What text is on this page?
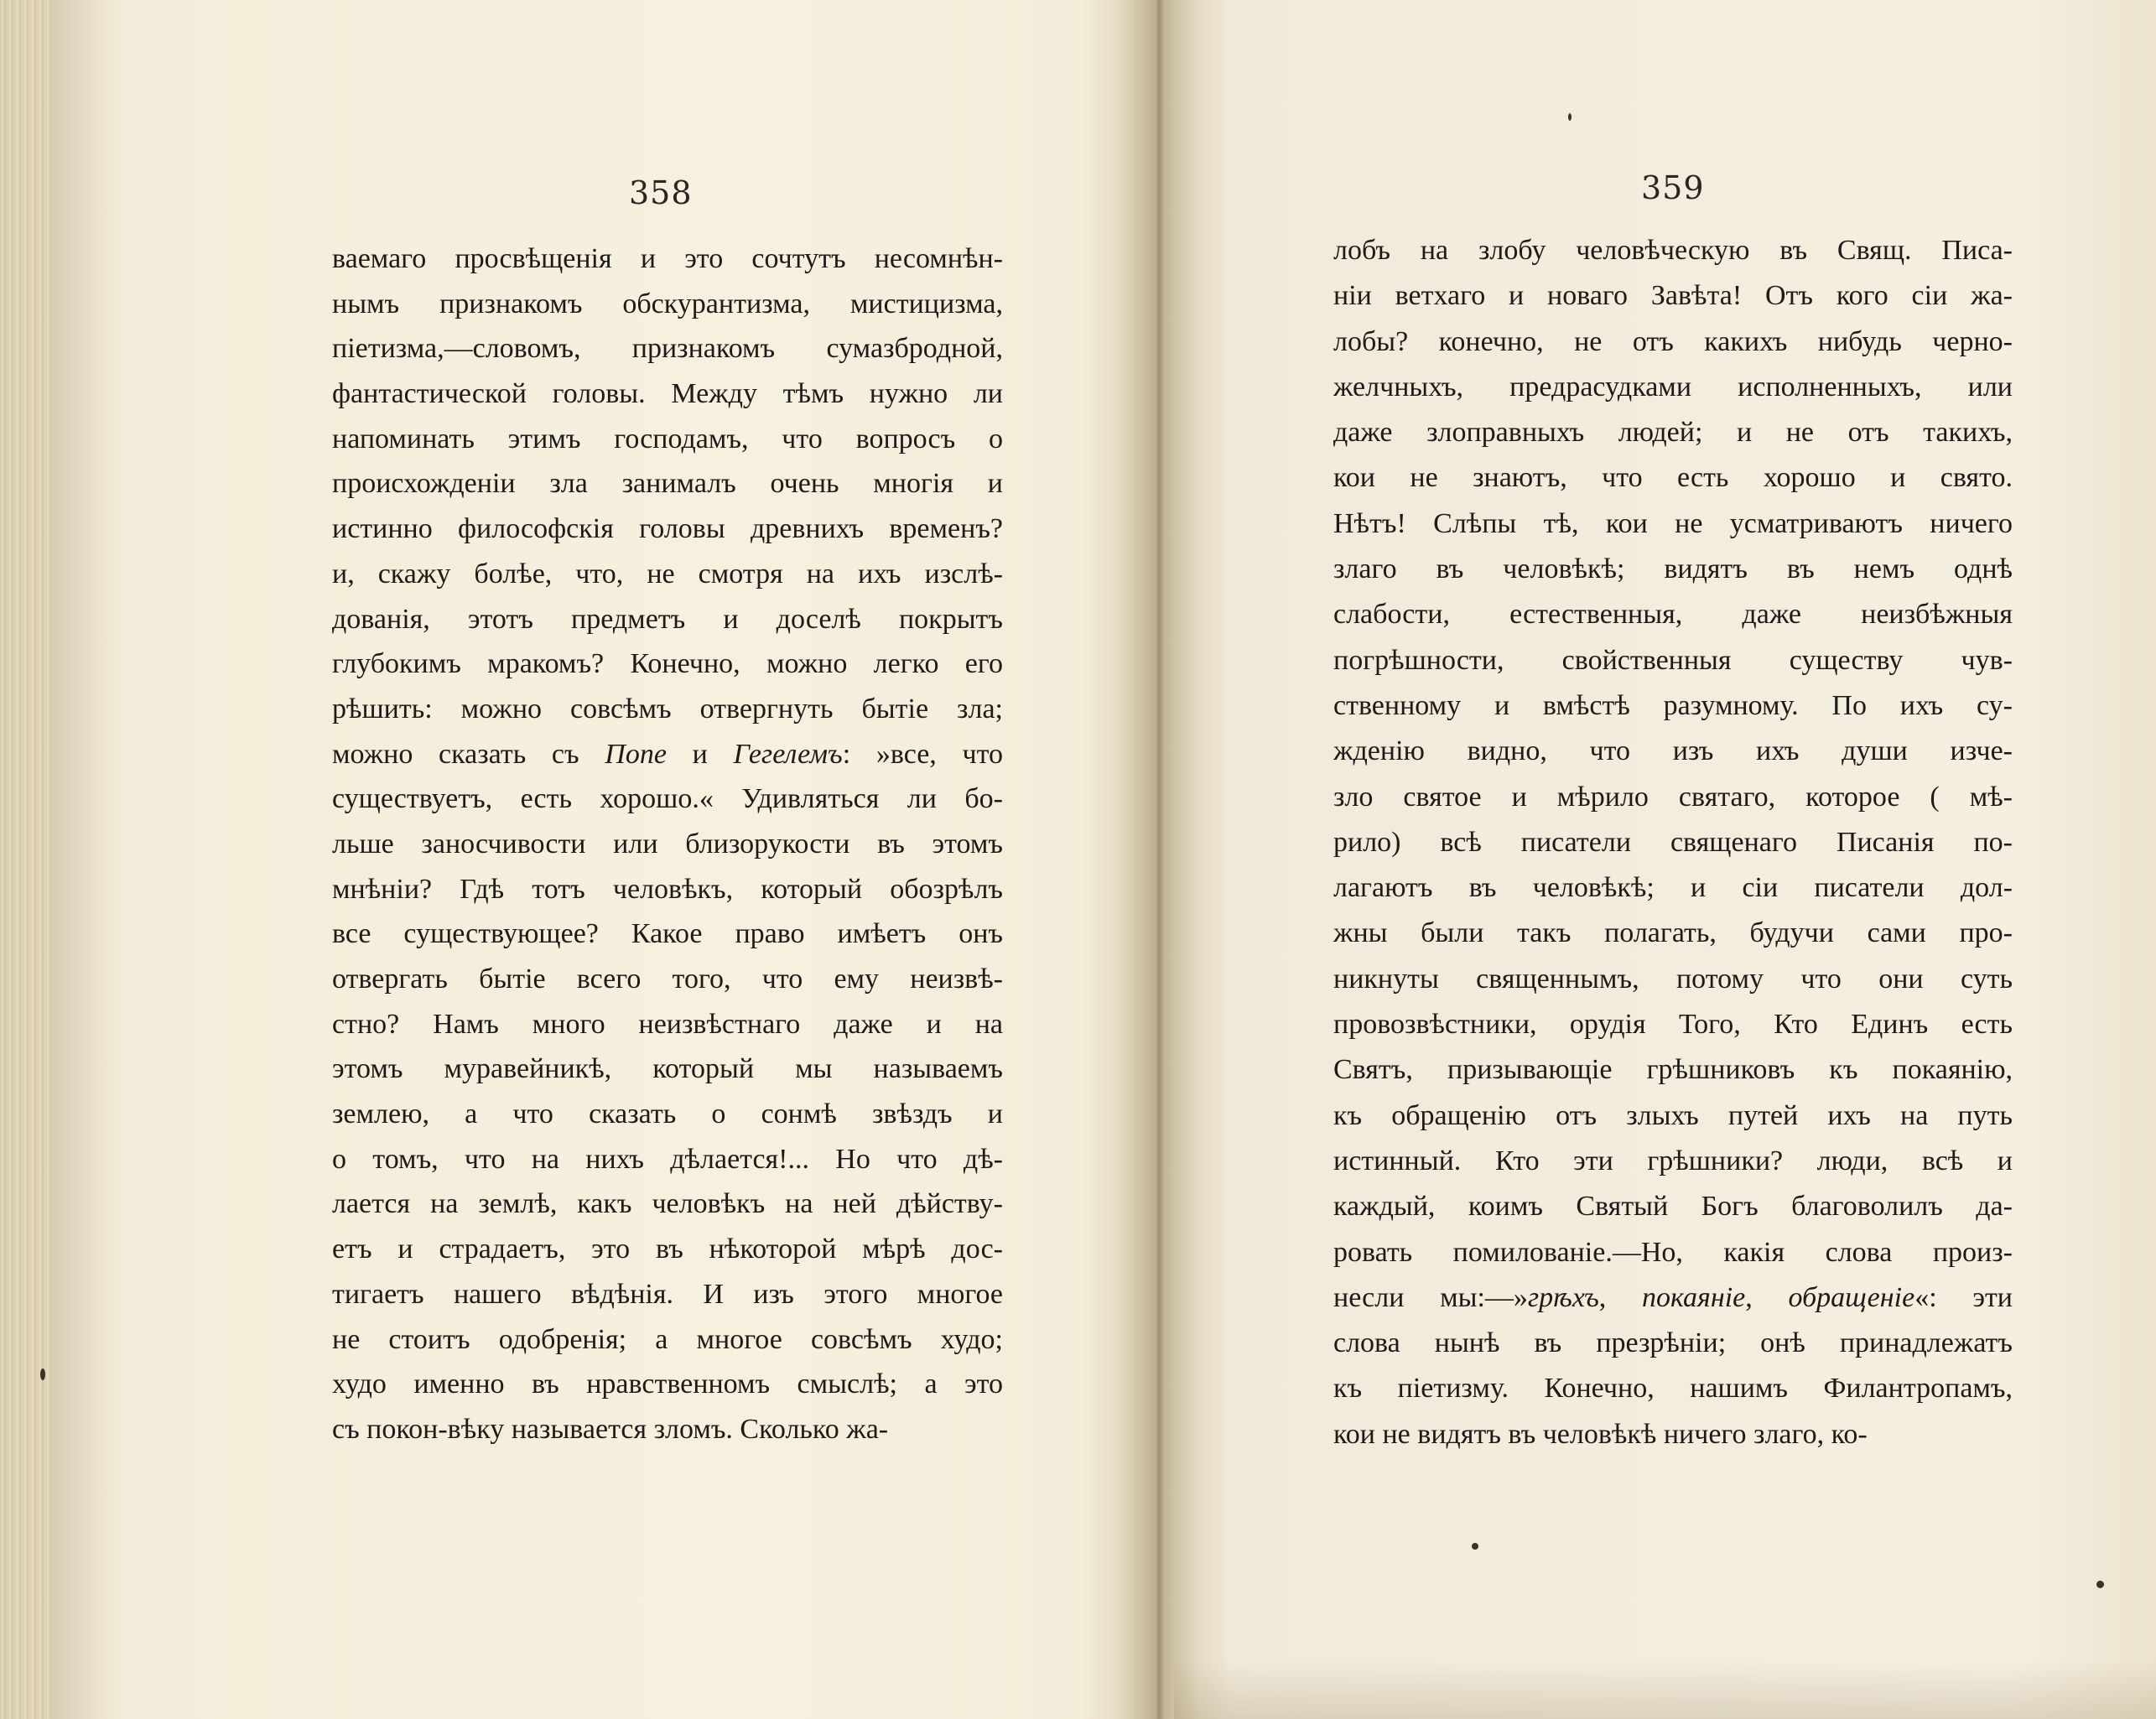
358
ваемаго просвѣщенія и это сочтутъ несомнѣн-
нымъ признакомъ обскурантизма, мистицизма,
піетизма,—словомъ, признакомъ сумазбродной,
фантастической головы. Между тѣмъ нужно ли
напоминать этимъ господамъ, что вопросъ о
происхожденіи зла занималъ очень многія и
истинно философскія головы древнихъ временъ?
и, скажу болѣе, что, не смотря на ихъ изслѣ-
дованія, этотъ предметъ и доселѣ покрытъ
глубокимъ мракомъ? Конечно, можно легко его
рѣшить: можно совсѣмъ отвергнуть бытіе зла;
можно сказать съ Попе и Гегелемъ: »все, что
существуетъ, есть хорошо.« Удивляться ли бо-
льше заносчивости или близорукости въ этомъ
мнѣніи? Гдѣ тотъ человѣкъ, который обозрѣлъ
все существующее? Какое право имѣетъ онъ
отвергать бытіе всего того, что ему неизвѣ-
стно? Намъ много неизвѣстнаго даже и на
этомъ муравейникѣ, который мы называемъ
землею, а что сказать о сонмѣ звѣздъ и
о томъ, что на нихъ дѣлается!... Но что дѣ-
лается на землѣ, какъ человѣкъ на ней дѣйству-
етъ и страдаетъ, это въ нѣкоторой мѣрѣ дос-
тигаетъ нашего вѣдѣнія. И изъ этого многое
не стоитъ одобренія; а многое совсѣмъ худо;
худо именно въ нравственномъ смыслѣ; а это
съ покон-вѣку называется зломъ. Сколько жа-
359
лобъ на злобу человѣческую въ Свящ. Писа-
ніи ветхаго и новаго Завѣта! Отъ кого сіи жа-
лобы? конечно, не отъ какихъ нибудь черно-
желчныхъ, предрасудками исполненныхъ, или
даже злоправныхъ людей; и не отъ такихъ,
кои не знаютъ, что есть хорошо и свято.
Нѣтъ! Слѣпы тѣ, кои не усматриваютъ ничего
злаго въ человѣкѣ; видятъ въ немъ однѣ
слабости, естественныя, даже неизбѣжныя
погрѣшности, свойственныя существу чув-
ственному и вмѣстѣ разумному. По ихъ су-
жденію видно, что изъ ихъ души изче-
зло святое и мѣрило святаго, которое ( мѣ-
рило) всѣ писатели священаго Писанія по-
лагаютъ въ человѣкѣ; и сіи писатели дол-
жны были такъ полагать, будучи сами про-
никнуты священнымъ, потому что они суть
провозвѣстники, орудія Того, Кто Единъ есть
Святъ, призывающіе грѣшниковъ къ покаянію,
къ обращенію отъ злыхъ путей ихъ на путь
истинный. Кто эти грѣшники? люди, всѣ и
каждый, коимъ Святый Богъ благоволилъ да-
ровать помилованіе.—Но, какія слова произ-
несли мы:—»грѣхъ, покаяніе, обращеніе«: эти
слова нынѣ въ презрѣніи; онѣ принадлежатъ
къ піетизму. Конечно, нашимъ Филантропамъ,
кои не видятъ въ человѣкѣ ничего злаго, ко-
